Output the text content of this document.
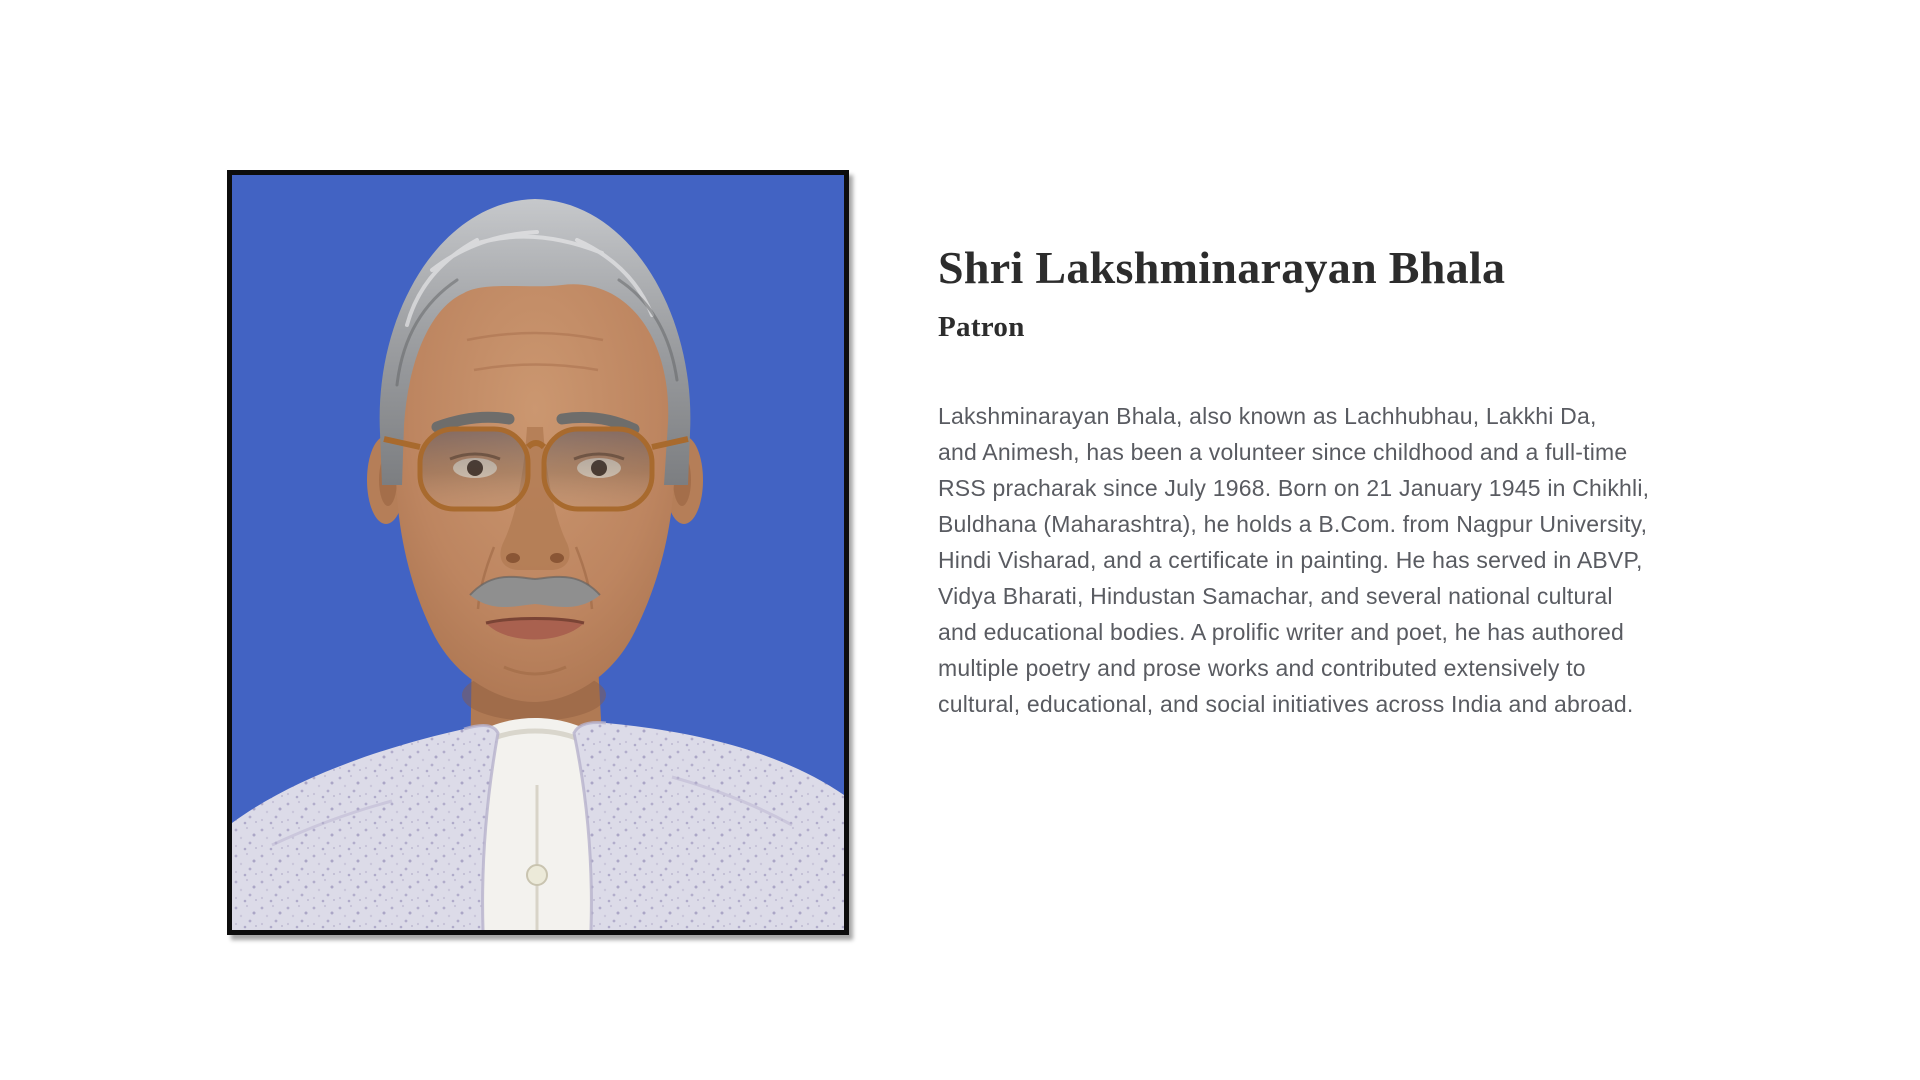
Shri Lakshminarayan Bhala
Patron
Lakshminarayan Bhala, also known as Lachhubhau, Lakkhi Da,
and Animesh, has been a volunteer since childhood and a full-time
RSS pracharak since July 1968. Born on 21 January 1945 in Chikhli,
Buldhana (Maharashtra), he holds a B.Com. from Nagpur University,
Hindi Visharad, and a certificate in painting. He has served in ABVP,
Vidya Bharati, Hindustan Samachar, and several national cultural
and educational bodies. A prolific writer and poet, he has authored
multiple poetry and prose works and contributed extensively to
cultural, educational, and social initiatives across India and abroad.
